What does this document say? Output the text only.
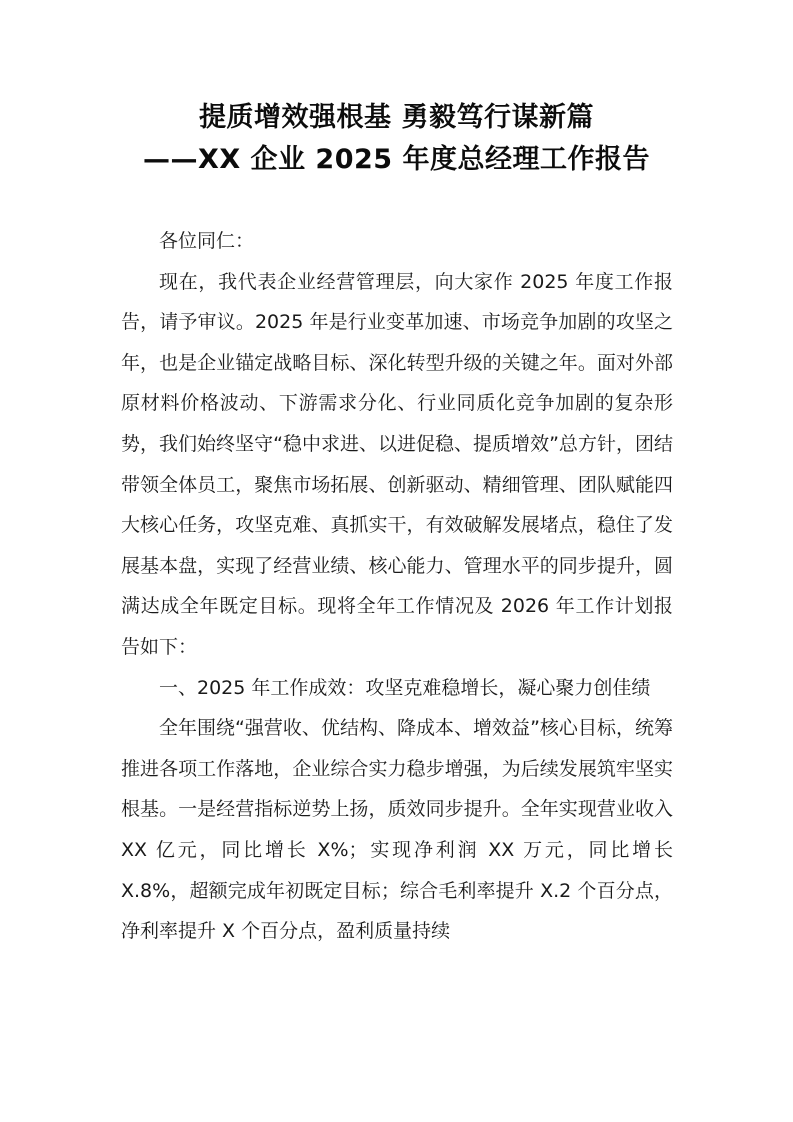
提质增效强根基 勇毅笃行谋新篇
——XX 企业 2025 年度总经理工作报告

各位同仁：

现在，我代表企业经营管理层，向大家作 2025 年度工作报告，请予审议。2025 年是行业变革加速、市场竞争加剧的攻坚之年，也是企业锚定战略目标、深化转型升级的关键之年。面对外部原材料价格波动、下游需求分化、行业同质化竞争加剧的复杂形势，我们始终坚守“稳中求进、以进促稳、提质增效”总方针，团结带领全体员工，聚焦市场拓展、创新驱动、精细管理、团队赋能四大核心任务，攻坚克难、真抓实干，有效破解发展堵点，稳住了发展基本盘，实现了经营业绩、核心能力、管理水平的同步提升，圆满达成全年既定目标。现将全年工作情况及 2026 年工作计划报告如下：

一、2025 年工作成效：攻坚克难稳增长，凝心聚力创佳绩

全年围绕“强营收、优结构、降成本、增效益”核心目标，统筹推进各项工作落地，企业综合实力稳步增强，为后续发展筑牢坚实根基。一是经营指标逆势上扬，质效同步提升。全年实现营业收入 XX 亿元，同比增长 X%；实现净利润 XX 万元，同比增长 X.8%，超额完成年初既定目标；综合毛利率提升 X.2 个百分点，净利率提升 X 个百分点，盈利质量持续
